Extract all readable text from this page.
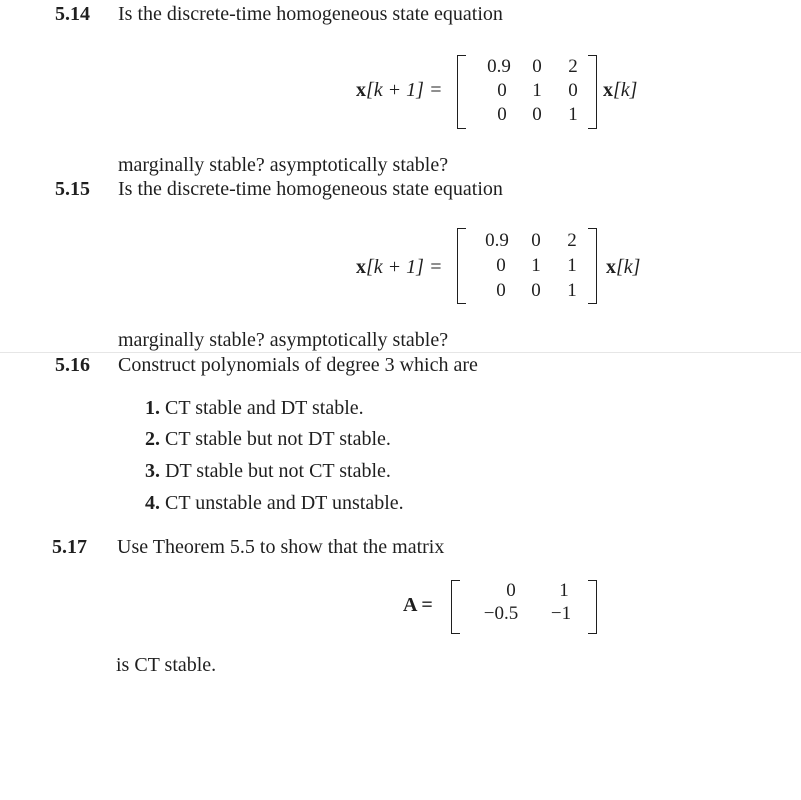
5.14 Is the discrete-time homogeneous state equation
x[k + 1] =
0.9	0 2
0 1 0
0 0 1
x[k]
marginally stable? asymptotically stable?
5.15 Is the discrete-time homogeneous state equation
x[k + 1] =
0.9	0 2
0 1 1
0 0 1
x[k]
marginally stable? asymptotically stable?
5.16 Construct polynomials of degree 3 which are
1. CT stable and DT stable.
2. CT stable but not DT stable.
3. DT stable but not CT stable.
4. CT unstable and DT unstable.
5.17 Use Theorem 5.5 to show that the matrix
A =
0	1
−0.5	−1
is CT stable.
